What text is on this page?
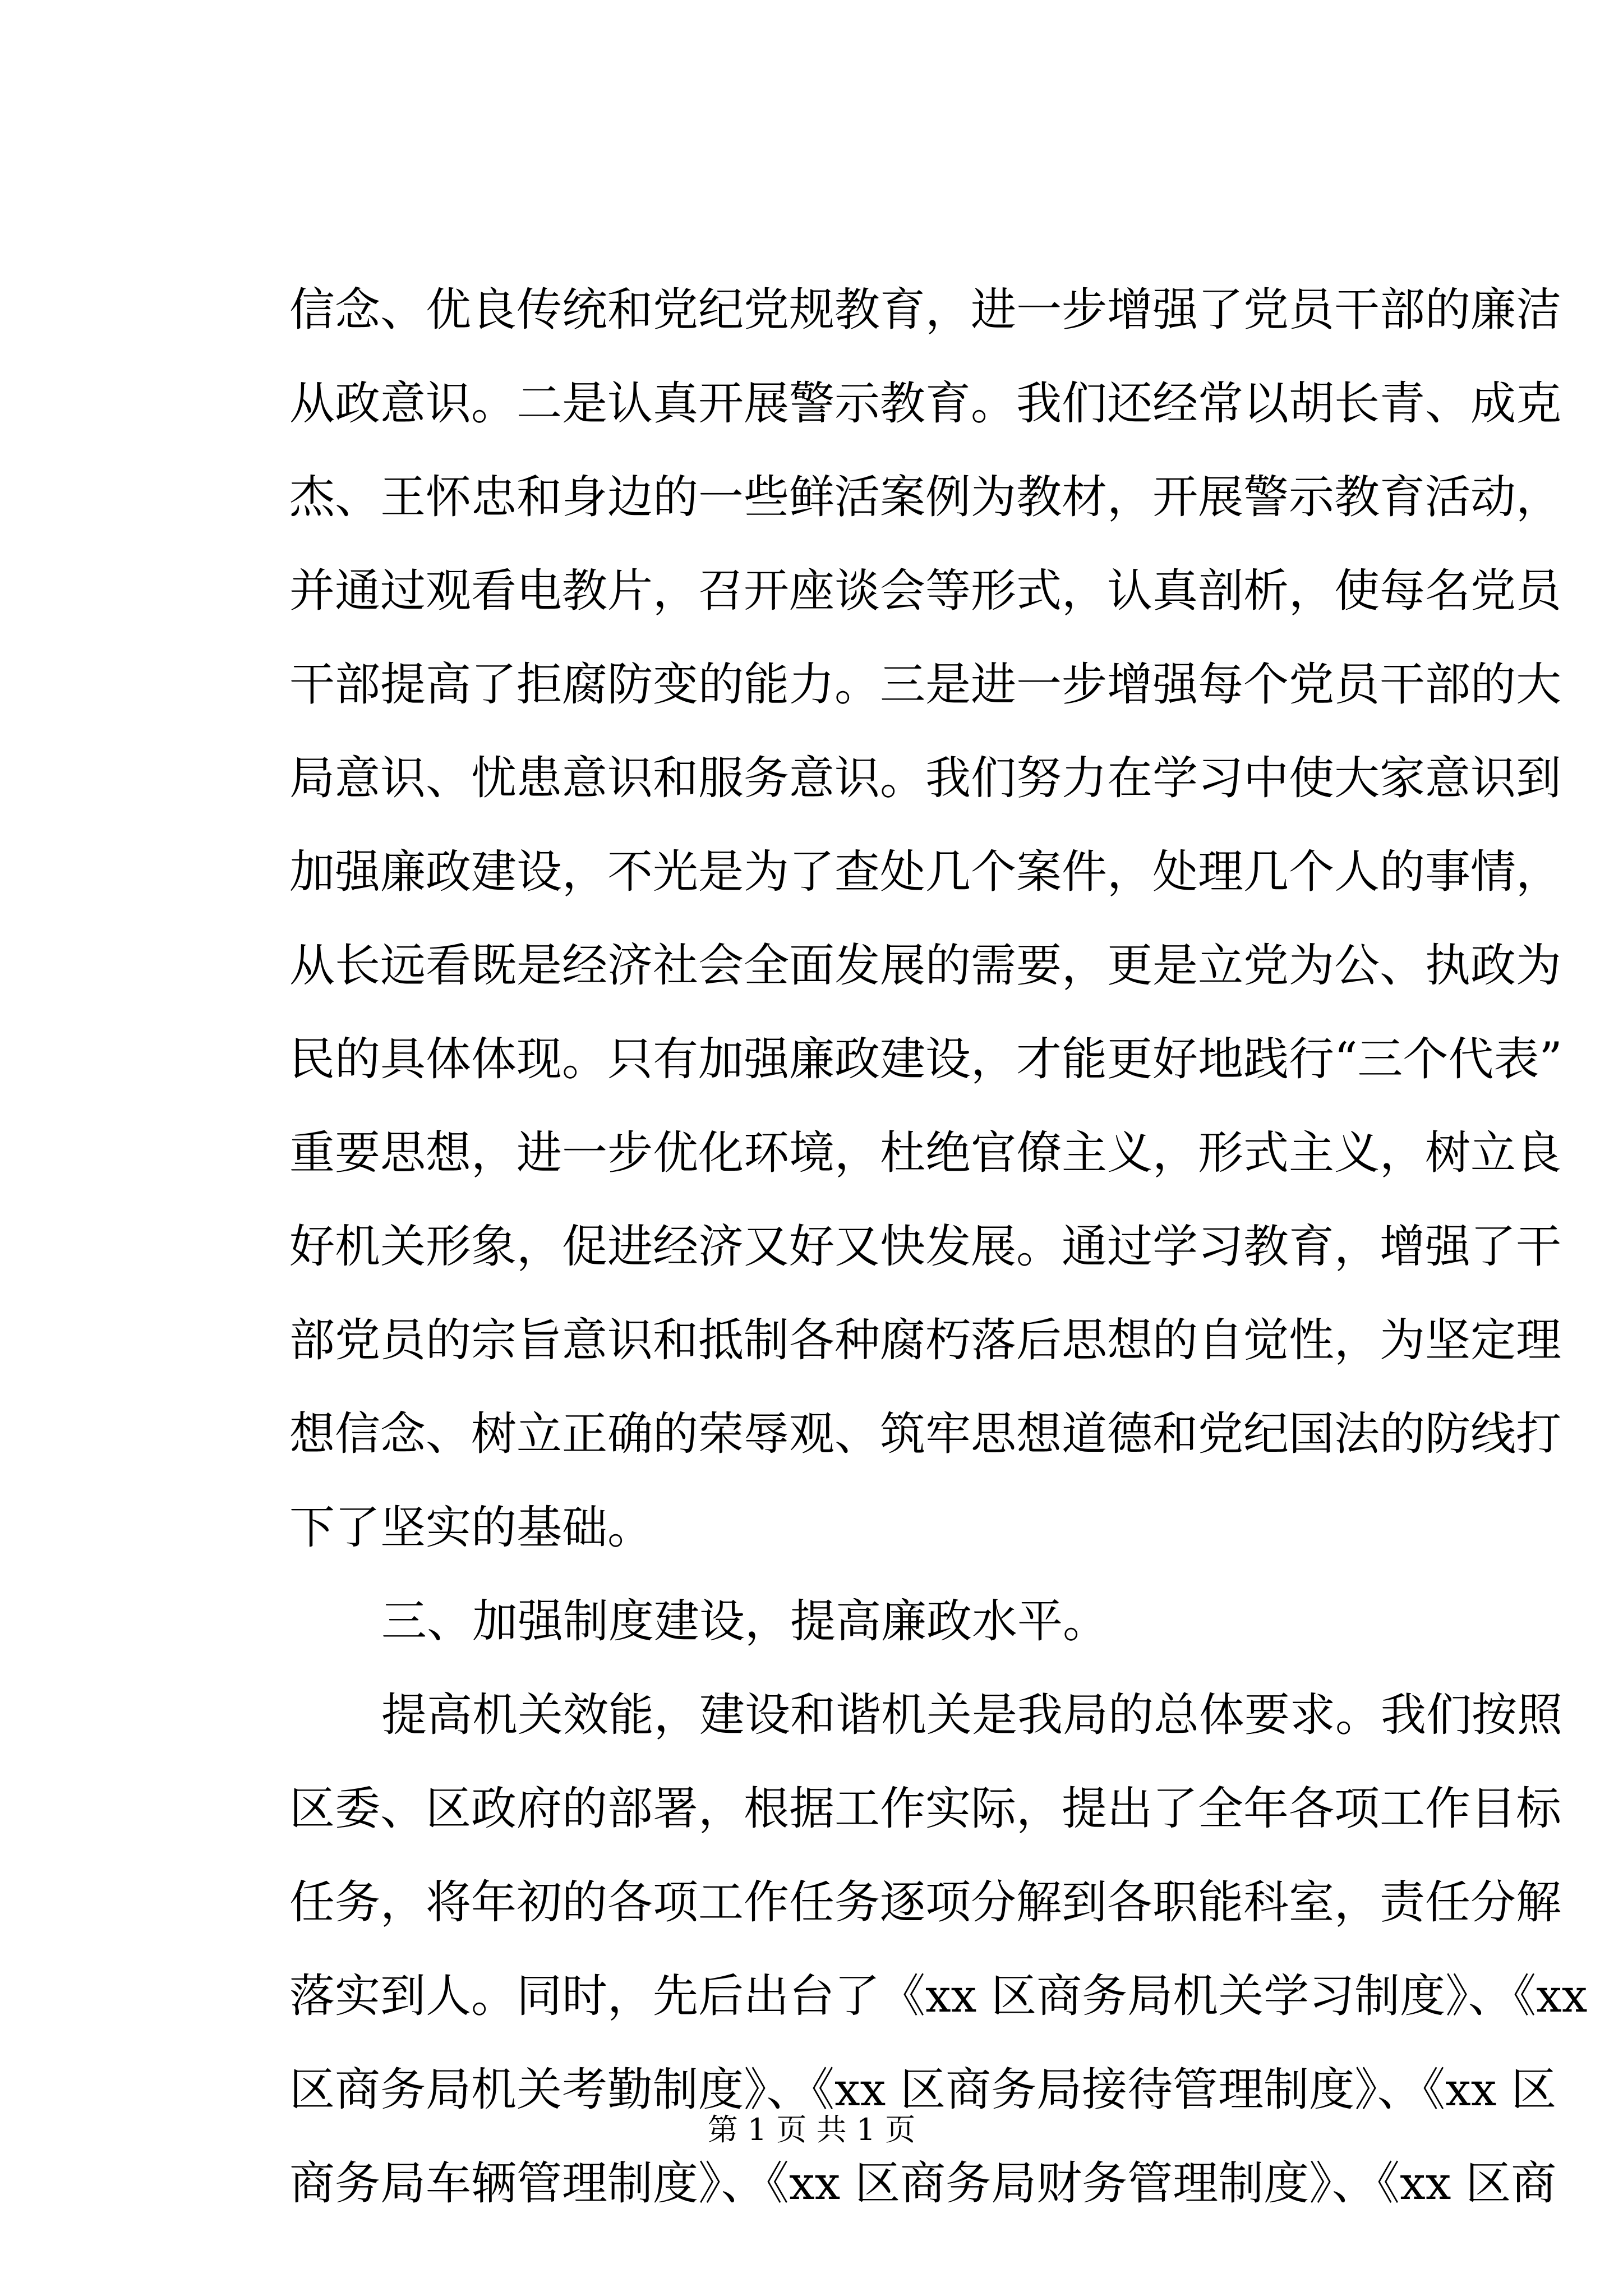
信念、优良传统和党纪党规教育，进一步增强了党员干部的廉洁
从政意识。二是认真开展警示教育。我们还经常以胡长青、成克
杰、王怀忠和身边的一些鲜活案例为教材，开展警示教育活动，
并通过观看电教片，召开座谈会等形式，认真剖析，使每名党员
干部提高了拒腐防变的能力。三是进一步增强每个党员干部的大
局意识、忧患意识和服务意识。我们努力在学习中使大家意识到
加强廉政建设，不光是为了查处几个案件，处理几个人的事情，
从长远看既是经济社会全面发展的需要，更是立党为公、执政为
民的具体体现。只有加强廉政建设，才能更好地践行“三个代表”
重要思想，进一步优化环境，杜绝官僚主义，形式主义，树立良
好机关形象，促进经济又好又快发展。通过学习教育，增强了干
部党员的宗旨意识和抵制各种腐朽落后思想的自觉性，为坚定理
想信念、树立正确的荣辱观、筑牢思想道德和党纪国法的防线打
下了坚实的基础。
三、加强制度建设，提高廉政水平。
提高机关效能，建设和谐机关是我局的总体要求。我们按照
区委、区政府的部署，根据工作实际，提出了全年各项工作目标
任务，将年初的各项工作任务逐项分解到各职能科室，责任分解
落实到人。同时，先后出台了《xx 区商务局机关学习制度》、《xx
区商务局机关考勤制度》、《xx 区商务局接待管理制度》、《xx 区
商务局车辆管理制度》、《xx 区商务局财务管理制度》、《xx 区商
第 1 页 共 1 页
